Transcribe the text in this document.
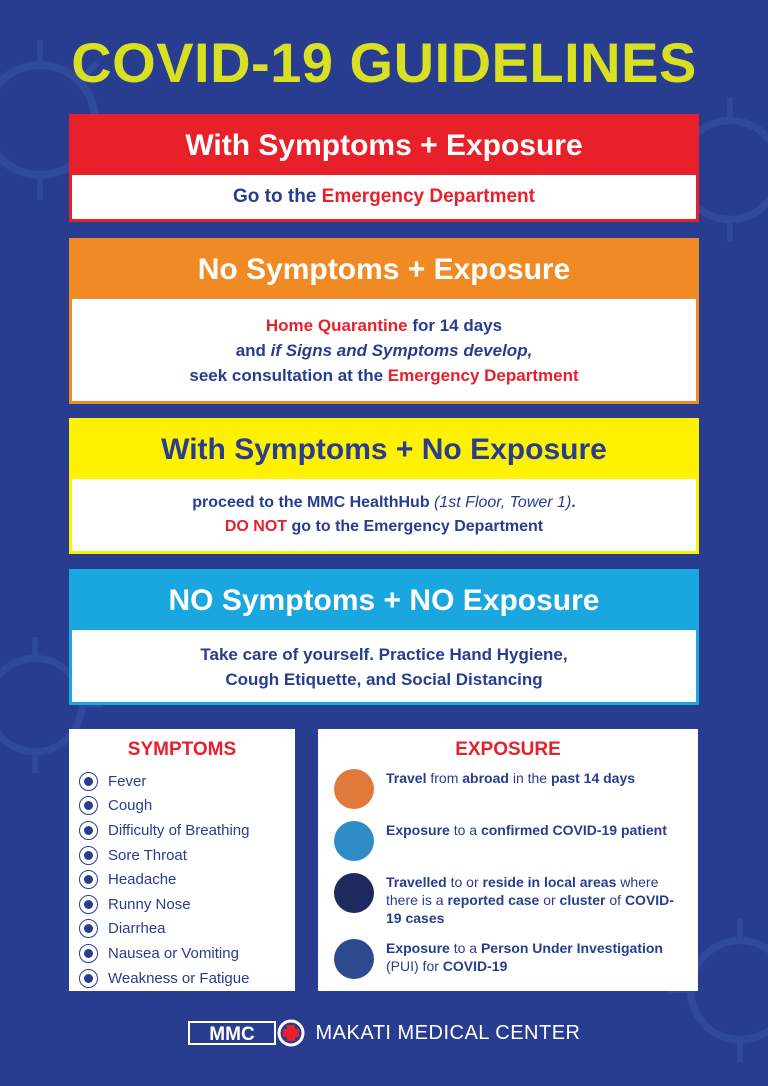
COVID-19 GUIDELINES
With Symptoms + Exposure
Go to the Emergency Department
No Symptoms + Exposure
Home Quarantine for 14 days
and if Signs and Symptoms develop,
seek consultation at the Emergency Department
With Symptoms + No Exposure
proceed to the MMC HealthHub (1st Floor, Tower 1).
DO NOT go to the Emergency Department
NO Symptoms + NO Exposure
Take care of yourself. Practice Hand Hygiene,
Cough Etiquette, and Social Distancing
SYMPTOMS
Fever
Cough
Difficulty of Breathing
Sore Throat
Headache
Runny Nose
Diarrhea
Nausea or Vomiting
Weakness or Fatigue
EXPOSURE
Travel from abroad in the past 14 days
Exposure to a confirmed COVID-19 patient
Travelled to or reside in local areas where there is a reported case or cluster of COVID-19 cases
Exposure to a Person Under Investigation (PUI) for COVID-19
MMC	MAKATI MEDICAL CENTER
